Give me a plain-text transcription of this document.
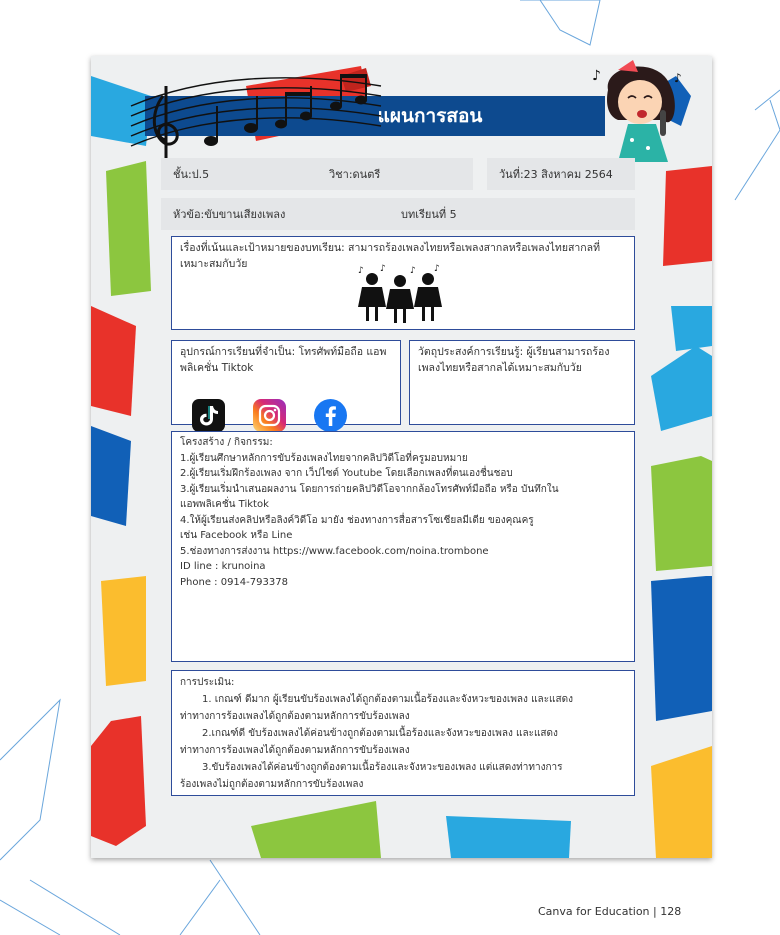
แผนการสอน
♪	♪
ชั้น:ป.5	วิชา:ดนตรี	วันที่:23 สิงหาคม 2564
หัวข้อ:ขับขานเสียงเพลง	บทเรียนที่ 5

เรื่องที่เน้นและเป้าหมายของบทเรียน: สามารถร้องเพลงไทยหรือเพลงสากลหรือเพลงไทยสากลที่เหมาะสมกับวัย

♪ ♪	♪ ♪

อุปกรณ์การเรียนที่จำเป็น: โทรศัพท์มือถือ แอพพลิเคชั่น Tiktok

วัตถุประสงค์การเรียนรู้: ผู้เรียนสามารถร้องเพลงไทยหรือสากลได้เหมาะสมกับวัย

โครงสร้าง / กิจกรรม:

1.ผู้เรียนศึกษาหลักการขับร้องเพลงไทยจากคลิปวิดีโอที่ครูมอบหมาย

2.ผู้เรียนเริ่มฝึกร้องเพลง จาก เว็ปไซต์ Youtube โดยเลือกเพลงที่ตนเองชื่นชอบ

3.ผู้เรียนเริ่มนำเสนอผลงาน โดยการถ่ายคลิปวิดีโอจากกล้องโทรศัพท์มือถือ หรือ บันทึกใน

แอพพลิเคชั่น Tiktok

4.ให้ผู้เรียนส่งคลิปหรือลิงค์วิดีโอ มายัง ช่องทางการสื่อสารโซเชียลมีเดีย ของคุณครู

เช่น Facebook หรือ Line

5.ช่องทางการส่งงาน https://www.facebook.com/noina.trombone

ID line : krunoina

Phone : 0914-793378

การประเมิน:

1. เกณฑ์ ดีมาก ผู้เรียนขับร้องเพลงได้ถูกต้องตามเนื้อร้องและจังหวะของเพลง และแสดง

ท่าทางการร้องเพลงได้ถูกต้องตามหลักการขับร้องเพลง

2.เกณฑ์ดี ขับร้องเพลงได้ค่อนข้างถูกต้องตามเนื้อร้องและจังหวะของเพลง และแสดง

ท่าทางการร้องเพลงได้ถูกต้องตามหลักการขับร้องเพลง

3.ขับร้องเพลงได้ค่อนข้างถูกต้องตามเนื้อร้องและจังหวะของเพลง แต่แสดงท่าทางการ

ร้องเพลงไม่ถูกต้องตามหลักการขับร้องเพลง

Canva for Education | 128
